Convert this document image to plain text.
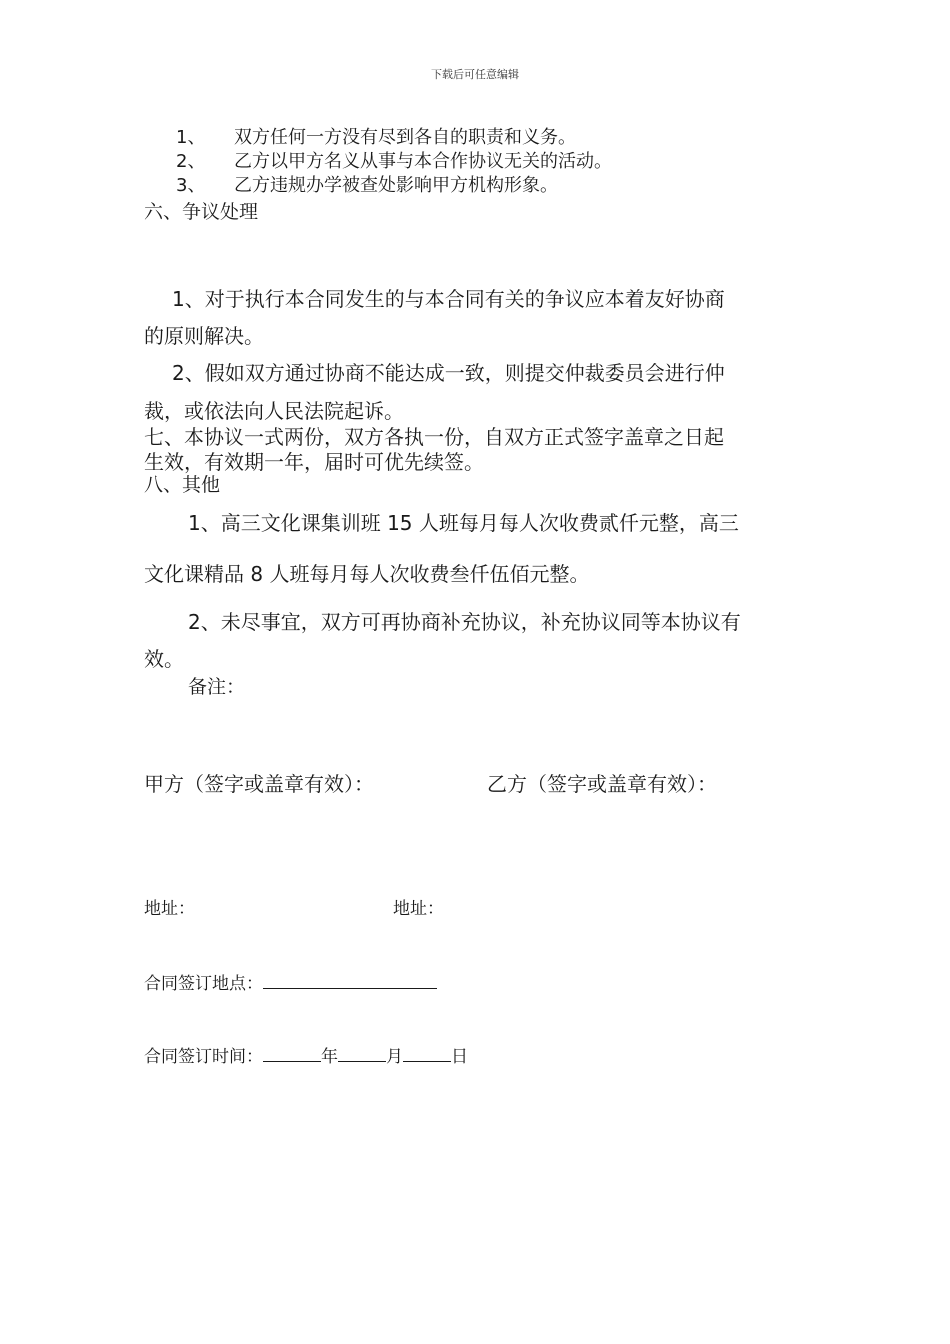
下载后可任意编辑
1、 双方任何一方没有尽到各自的职责和义务。
2、 乙方以甲方名义从事与本合作协议无关的活动。
3、 乙方违规办学被查处影响甲方机构形象。
六、争议处理
1、对于执行本合同发生的与本合同有关的争议应本着友好协商
的原则解决。
2、假如双方通过协商不能达成一致，则提交仲裁委员会进行仲
裁，或依法向人民法院起诉。
七、本协议一式两份，双方各执一份，自双方正式签字盖章之日起
生效，有效期一年，届时可优先续签。
八、其他
1、高三文化课集训班 15 人班每月每人次收费贰仟元整，高三
文化课精品 8 人班每月每人次收费叁仟伍佰元整。
2、未尽事宜，双方可再协商补充协议，补充协议同等本协议有
效。
备注：
甲方（签字或盖章有效）：	乙方（签字或盖章有效）：
地址：	地址：
合同签订地点：
合同签订时间：	年	月	日
